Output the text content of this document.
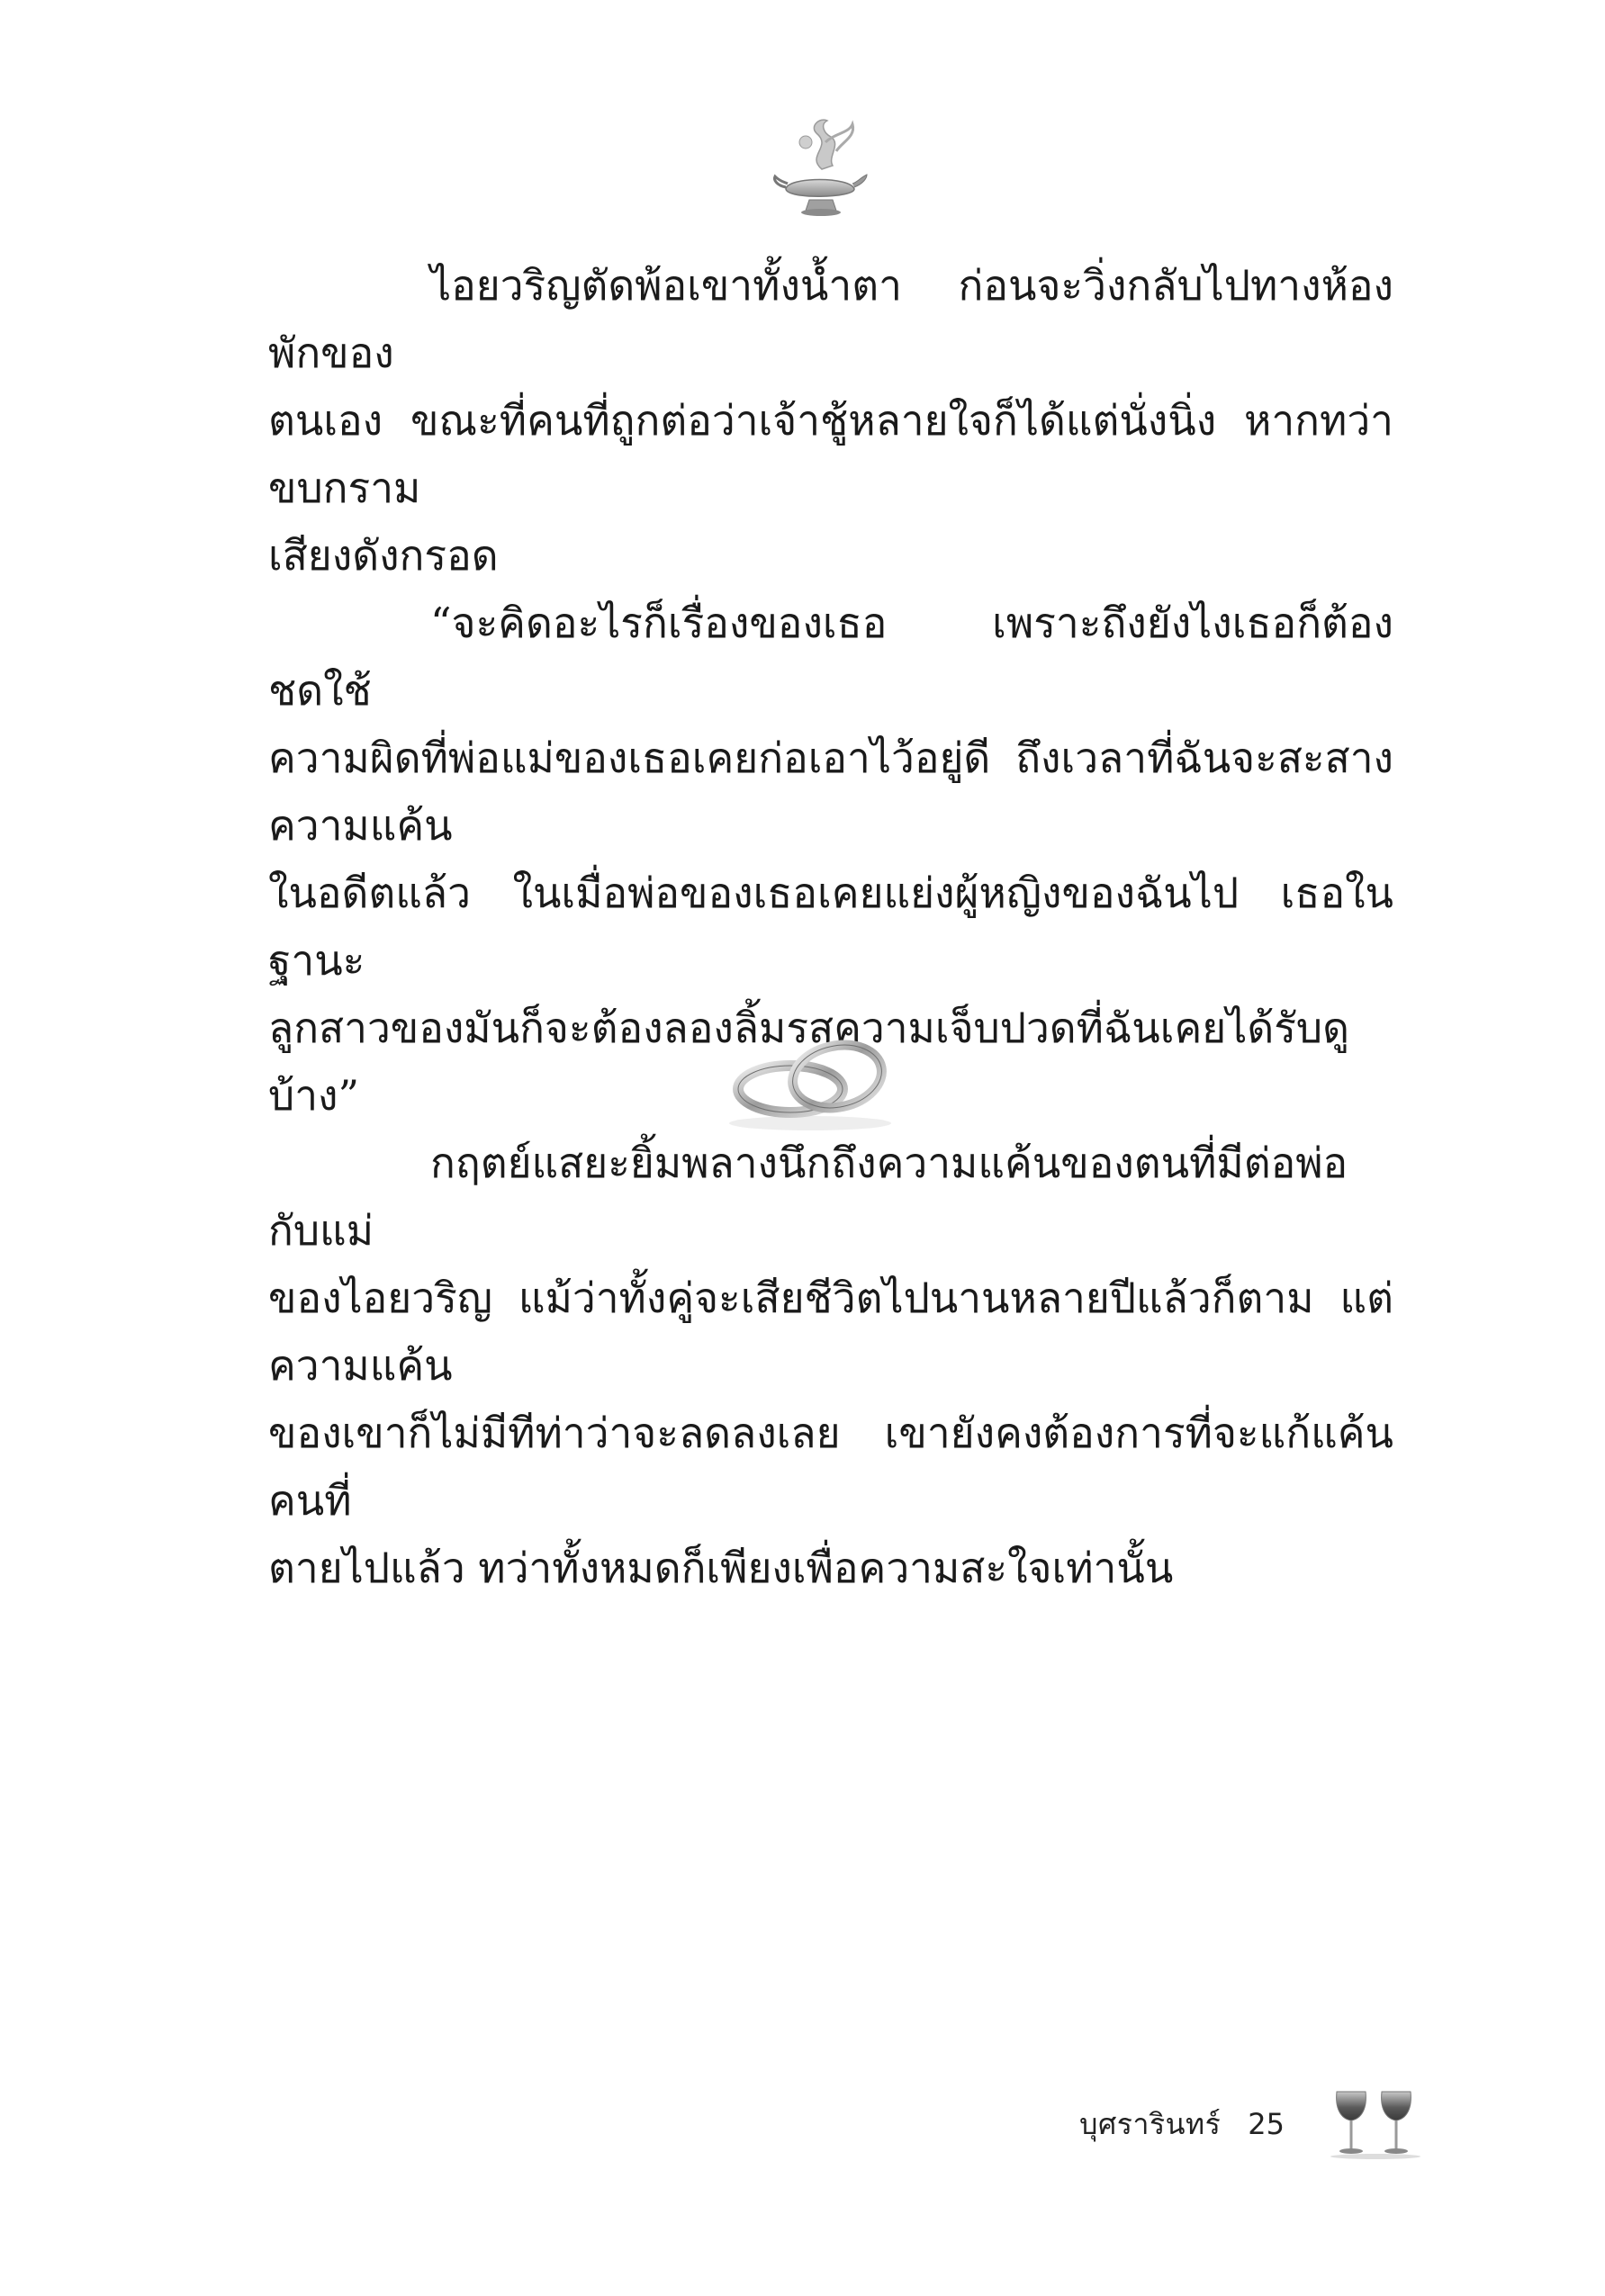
ไอยวริญตัดพ้อเขาทั้งน้ำตา ก่อนจะวิ่งกลับไปทางห้องพักของ
ตนเอง ขณะที่คนที่ถูกต่อว่าเจ้าชู้หลายใจก็ได้แต่นั่งนิ่ง หากทว่าขบกราม
เสียงดังกรอด

“จะคิดอะไรก็เรื่องของเธอ เพราะถึงยังไงเธอก็ต้องชดใช้
ความผิดที่พ่อแม่ของเธอเคยก่อเอาไว้อยู่ดี ถึงเวลาที่ฉันจะสะสางความแค้น
ในอดีตแล้ว ในเมื่อพ่อของเธอเคยแย่งผู้หญิงของฉันไป เธอในฐานะ
ลูกสาวของมันก็จะต้องลองลิ้มรสความเจ็บปวดที่ฉันเคยได้รับดูบ้าง”

กฤตย์แสยะยิ้มพลางนึกถึงความแค้นของตนที่มีต่อพ่อกับแม่
ของไอยวริญ แม้ว่าทั้งคู่จะเสียชีวิตไปนานหลายปีแล้วก็ตาม แต่ความแค้น
ของเขาก็ไม่มีทีท่าว่าจะลดลงเลย เขายังคงต้องการที่จะแก้แค้นคนที่
ตายไปแล้ว ทว่าทั้งหมดก็เพียงเพื่อความสะใจเท่านั้น

บุศรารินทร์ 25
